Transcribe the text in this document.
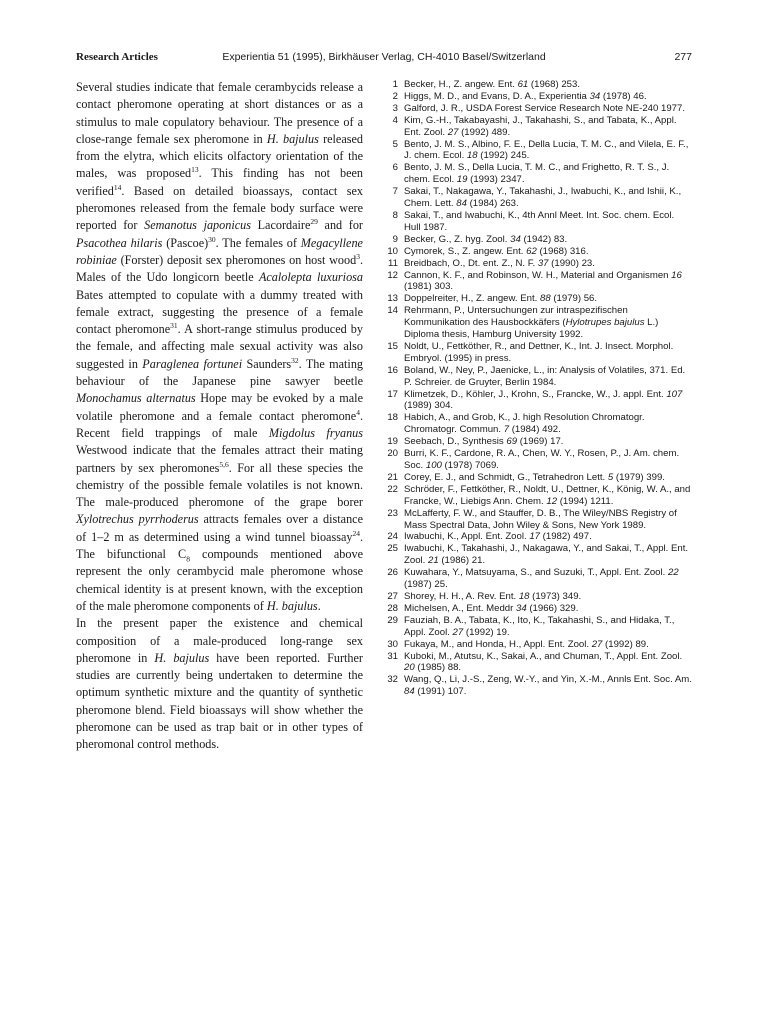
Research Articles	Experientia 51 (1995), Birkhäuser Verlag, CH-4010 Basel/Switzerland	277

Several studies indicate that female cerambycids release a contact pheromone operating at short distances or as a stimulus to male copulatory behaviour. The presence of a close-range female sex pheromone in H. bajulus released from the elytra, which elicits olfactory orientation of the males, was proposed$^{13}$. This finding has not been verified$^{14}$. Based on detailed bioassays, contact sex pheromones released from the female body surface were reported for Semanotus japonicus Lacordaire$^{29}$ and for Psacothea hilaris (Pascoe)$^{30}$. The females of Megacyllene robiniae (Forster) deposit sex pheromones on host wood$^3$. Males of the Udo longicorn beetle Acalolepta luxuriosa Bates attempted to copulate with a dummy treated with female extract, suggesting the presence of a female contact pheromone$^{31}$. A short-range stimulus produced by the female, and affecting male sexual activity was also suggested in Paraglenea fortunei Saunders$^{32}$. The mating behaviour of the Japanese pine sawyer beetle Monochamus alternatus Hope may be evoked by a male volatile pheromone and a female contact pheromone$^4$. Recent field trappings of male Migdolus fryanus Westwood indicate that the females attract their mating partners by sex pheromones$^{5,6}$. For all these species the chemistry of the possible female volatiles is not known. The male-produced pheromone of the grape borer Xylotrechus pyrrhoderus attracts females over a distance of 1–2 m as determined using a wind tunnel bioassay$^{24}$. The bifunctional $C_8$ compounds mentioned above represent the only cerambycid male pheromone whose chemical identity is at present known, with the exception of the male pheromone components of H. bajulus.

In the present paper the existence and chemical composition of a male-produced long-range sex pheromone in H. bajulus have been reported. Further studies are currently being undertaken to determine the optimum synthetic mixture and the quantity of synthetic pheromone blend. Field bioassays will show whether the pheromone can be used as trap bait or in other types of pheromonal control methods.

1 Becker, H., Z. angew. Ent. 61 (1968) 253.
2 Higgs, M. D., and Evans, D. A., Experientia 34 (1978) 46.
3 Galford, J. R., USDA Forest Service Research Note NE-240 1977.
4 Kim, G.-H., Takabayashi, J., Takahashi, S., and Tabata, K., Appl. Ent. Zool. 27 (1992) 489.
5 Bento, J. M. S., Albino, F. E., Della Lucia, T. M. C., and Vilela, E. F., J. chem. Ecol. 18 (1992) 245.
6 Bento, J. M. S., Della Lucia, T. M. C., and Frighetto, R. T. S., J. chem. Ecol. 19 (1993) 2347.
7 Sakai, T., Nakagawa, Y., Takahashi, J., Iwabuchi, K., and Ishii, K., Chem. Lett. 84 (1984) 263.
8 Sakai, T., and Iwabuchi, K., 4th Annl Meet. Int. Soc. chem. Ecol. Hull 1987.
9 Becker, G., Z. hyg. Zool. 34 (1942) 83.
10 Cymorek, S., Z. angew. Ent. 62 (1968) 316.
11 Breidbach, O., Dt. ent. Z., N. F. 37 (1990) 23.
12 Cannon, K. F., and Robinson, W. H., Material and Organismen 16 (1981) 303.
13 Doppelreiter, H., Z. angew. Ent. 88 (1979) 56.
14 Rehrmann, P., Untersuchungen zur intraspezifischen Kommunikation des Hausbockkäfers (Hylotrupes bajulus L.) Diploma thesis, Hamburg University 1992.
15 Noldt, U., Fettköther, R., and Dettner, K., Int. J. Insect. Morphol. Embryol. (1995) in press.
16 Boland, W., Ney, P., Jaenicke, L., in: Analysis of Volatiles, 371. Ed. P. Schreier. de Gruyter, Berlin 1984.
17 Klimetzek, D., Köhler, J., Krohn, S., Francke, W., J. appl. Ent. 107 (1989) 304.
18 Habich, A., and Grob, K., J. high Resolution Chromatogr. Chromatogr. Commun. 7 (1984) 492.
19 Seebach, D., Synthesis 69 (1969) 17.
20 Burri, K. F., Cardone, R. A., Chen, W. Y., Rosen, P., J. Am. chem. Soc. 100 (1978) 7069.
21 Corey, E. J., and Schmidt, G., Tetrahedron Lett. 5 (1979) 399.
22 Schröder, F., Fettköther, R., Noldt, U., Dettner, K., König, W. A., and Francke, W., Liebigs Ann. Chem. 12 (1994) 1211.
23 McLafferty, F. W., and Stauffer, D. B., The Wiley/NBS Registry of Mass Spectral Data, John Wiley & Sons, New York 1989.
24 Iwabuchi, K., Appl. Ent. Zool. 17 (1982) 497.
25 Iwabuchi, K., Takahashi, J., Nakagawa, Y., and Sakai, T., Appl. Ent. Zool. 21 (1986) 21.
26 Kuwahara, Y., Matsuyama, S., and Suzuki, T., Appl. Ent. Zool. 22 (1987) 25.
27 Shorey, H. H., A. Rev. Ent. 18 (1973) 349.
28 Michelsen, A., Ent. Meddr 34 (1966) 329.
29 Fauziah, B. A., Tabata, K., Ito, K., Takahashi, S., and Hidaka, T., Appl. Zool. 27 (1992) 19.
30 Fukaya, M., and Honda, H., Appl. Ent. Zool. 27 (1992) 89.
31 Kuboki, M., Atutsu, K., Sakai, A., and Chuman, T., Appl. Ent. Zool. 20 (1985) 88.
32 Wang, Q., Li, J.-S., Zeng, W.-Y., and Yin, X.-M., Annls Ent. Soc. Am. 84 (1991) 107.
